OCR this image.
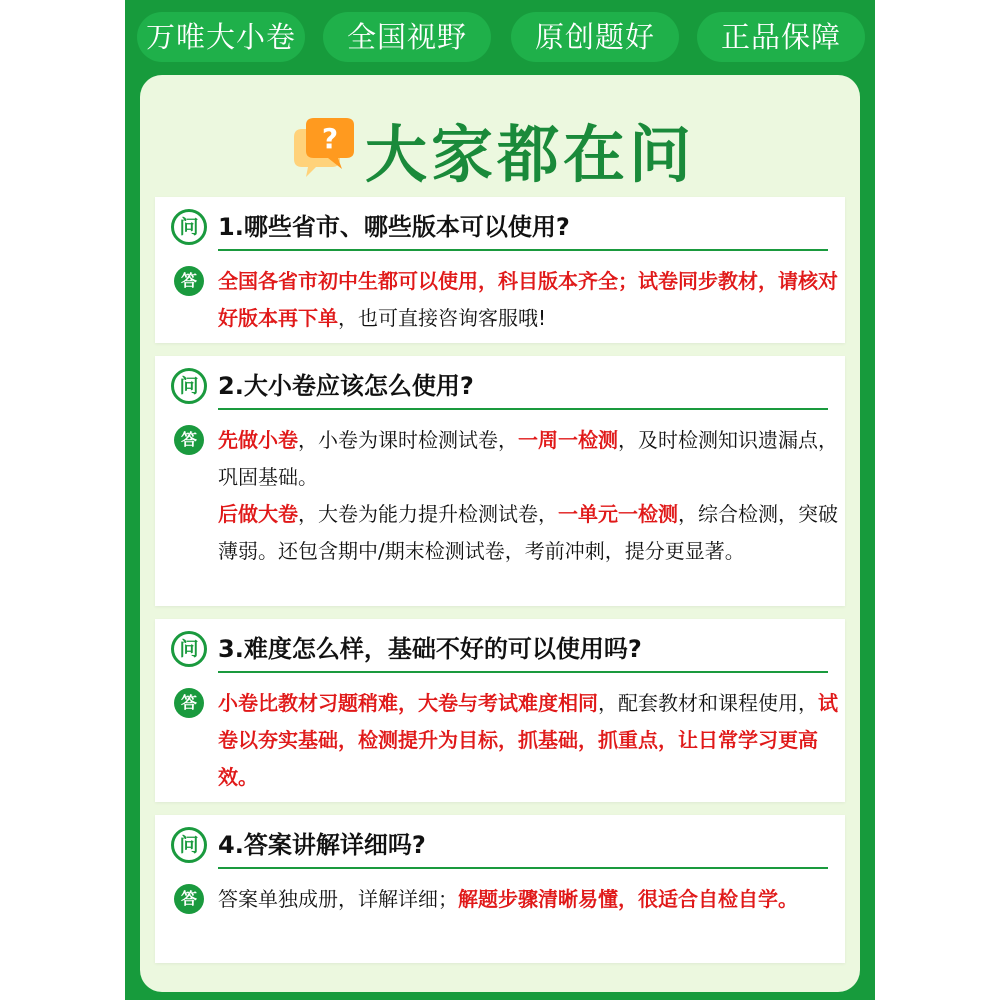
万唯大小卷	全国视野	原创题好	正品保障
? 大家都在问
问 1.哪些省市、哪些版本可以使用?
答	全国各省市初中生都可以使用，科目版本齐全；试卷同步教材，请核对好版本再下单，也可直接咨询客服哦!
问 2.大小卷应该怎么使用?
答	先做小卷，小卷为课时检测试卷，一周一检测，及时检测知识遗漏点，巩固基础。
后做大卷，大卷为能力提升检测试卷，一单元一检测，综合检测，突破薄弱。还包含期中/期末检测试卷，考前冲刺，提分更显著。
问 3.难度怎么样，基础不好的可以使用吗?
答	小卷比教材习题稍难，大卷与考试难度相同，配套教材和课程使用，试卷以夯实基础，检测提升为目标，抓基础，抓重点，让日常学习更高效。
问 4.答案讲解详细吗?
答	答案单独成册，详解详细；解题步骤清晰易懂，很适合自检自学。
